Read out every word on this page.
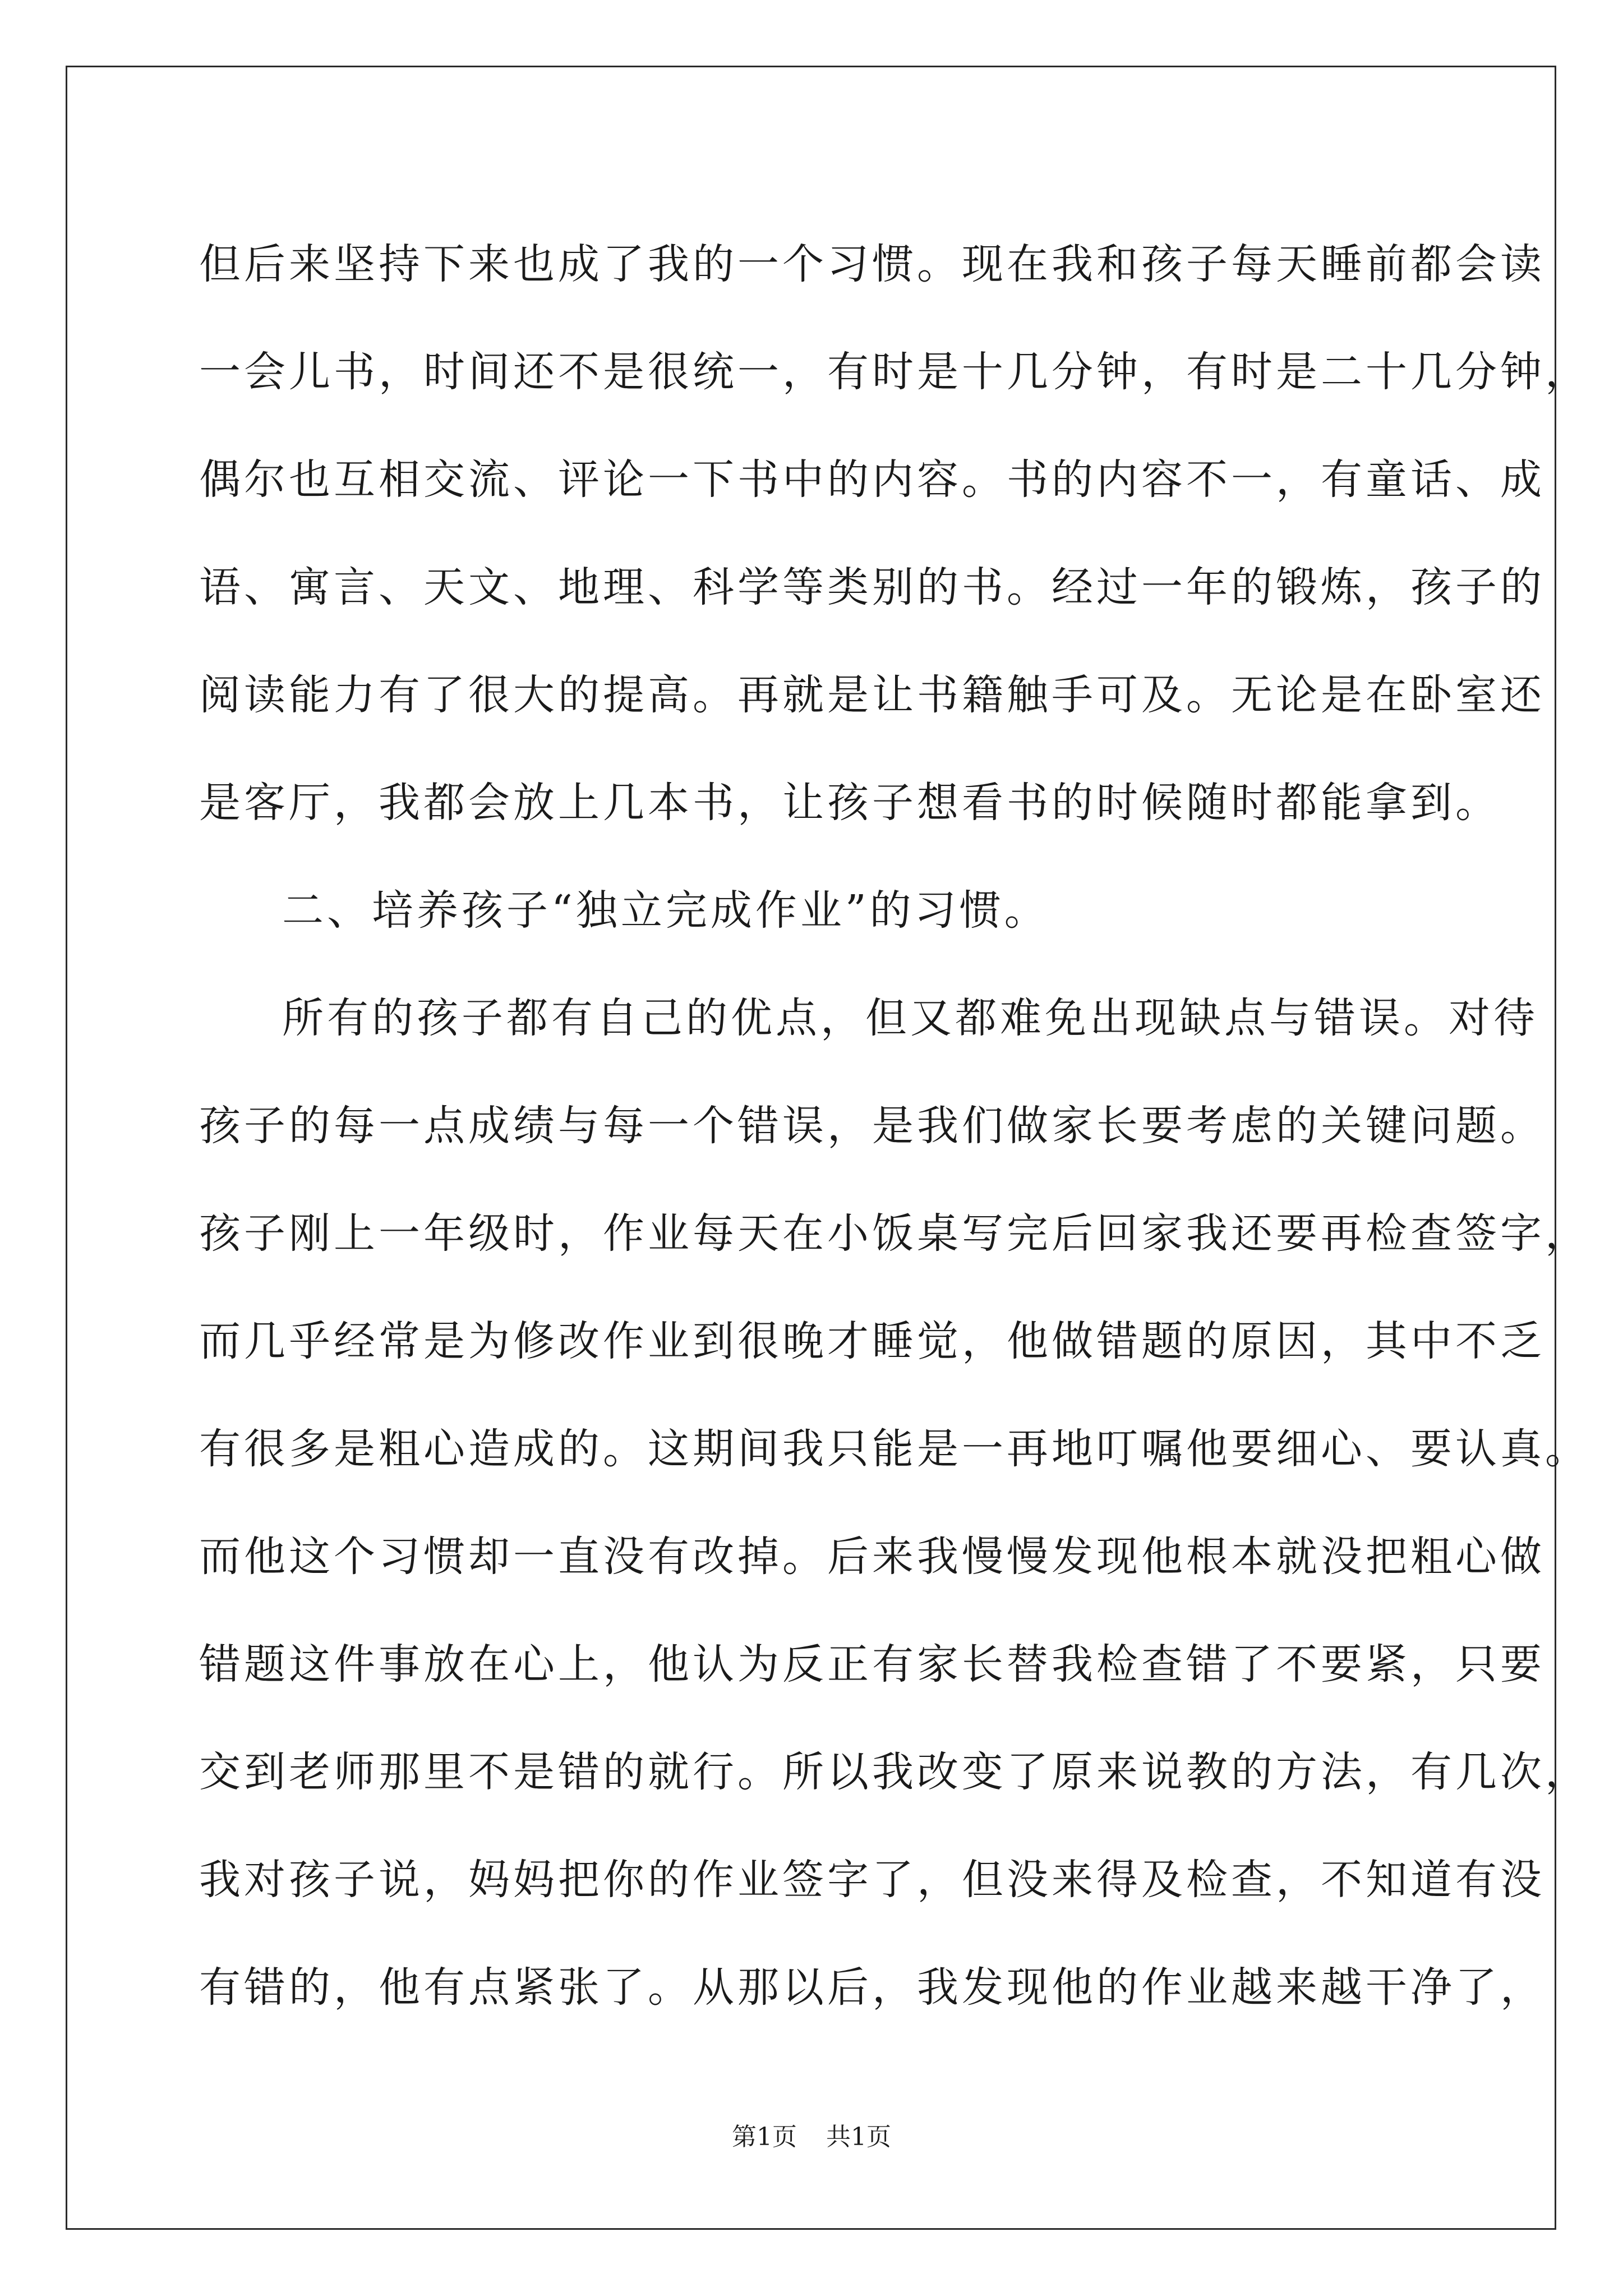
但后来坚持下来也成了我的一个习惯。现在我和孩子每天睡前都会读
一会儿书，时间还不是很统一，有时是十几分钟，有时是二十几分钟，
偶尔也互相交流、评论一下书中的内容。书的内容不一，有童话、成
语、寓言、天文、地理、科学等类别的书。经过一年的锻炼，孩子的
阅读能力有了很大的提高。再就是让书籍触手可及。无论是在卧室还
是客厅，我都会放上几本书，让孩子想看书的时候随时都能拿到。
二、培养孩子“独立完成作业”的习惯。
所有的孩子都有自己的优点，但又都难免出现缺点与错误。对待
孩子的每一点成绩与每一个错误，是我们做家长要考虑的关键问题。
孩子刚上一年级时，作业每天在小饭桌写完后回家我还要再检查签字，
而几乎经常是为修改作业到很晚才睡觉，他做错题的原因，其中不乏
有很多是粗心造成的。这期间我只能是一再地叮嘱他要细心、要认真。
而他这个习惯却一直没有改掉。后来我慢慢发现他根本就没把粗心做
错题这件事放在心上，他认为反正有家长替我检查错了不要紧，只要
交到老师那里不是错的就行。所以我改变了原来说教的方法，有几次，
我对孩子说，妈妈把你的作业签字了，但没来得及检查，不知道有没
有错的，他有点紧张了。从那以后，我发现他的作业越来越干净了，
第1页 共1页
